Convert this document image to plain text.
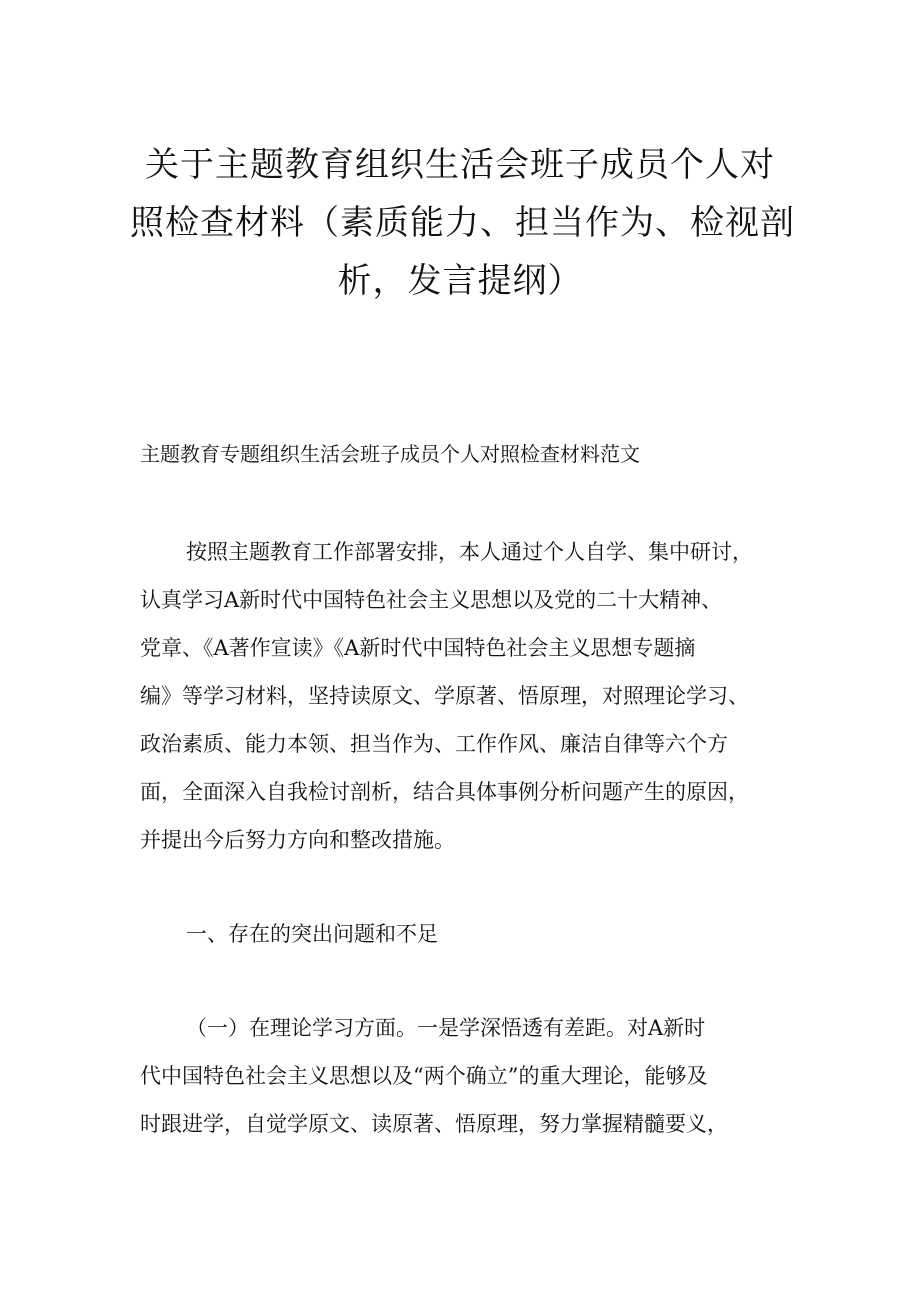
关于主题教育组织生活会班子成员个人对
照检查材料（素质能力、担当作为、检视剖
析，发言提纲）
主题教育专题组织生活会班子成员个人对照检查材料范文
按照主题教育工作部署安排，本人通过个人自学、集中研讨，
认真学习A新时代中国特色社会主义思想以及党的二十大精神、
党章、《A著作宣读》《A新时代中国特色社会主义思想专题摘
编》等学习材料，坚持读原文、学原著、悟原理，对照理论学习、
政治素质、能力本领、担当作为、工作作风、廉洁自律等六个方
面，全面深入自我检讨剖析，结合具体事例分析问题产生的原因，
并提出今后努力方向和整改措施。
一、存在的突出问题和不足
（一）在理论学习方面。一是学深悟透有差距。对A新时
代中国特色社会主义思想以及“两个确立”的重大理论，能够及
时跟进学，自觉学原文、读原著、悟原理，努力掌握精髓要义，
